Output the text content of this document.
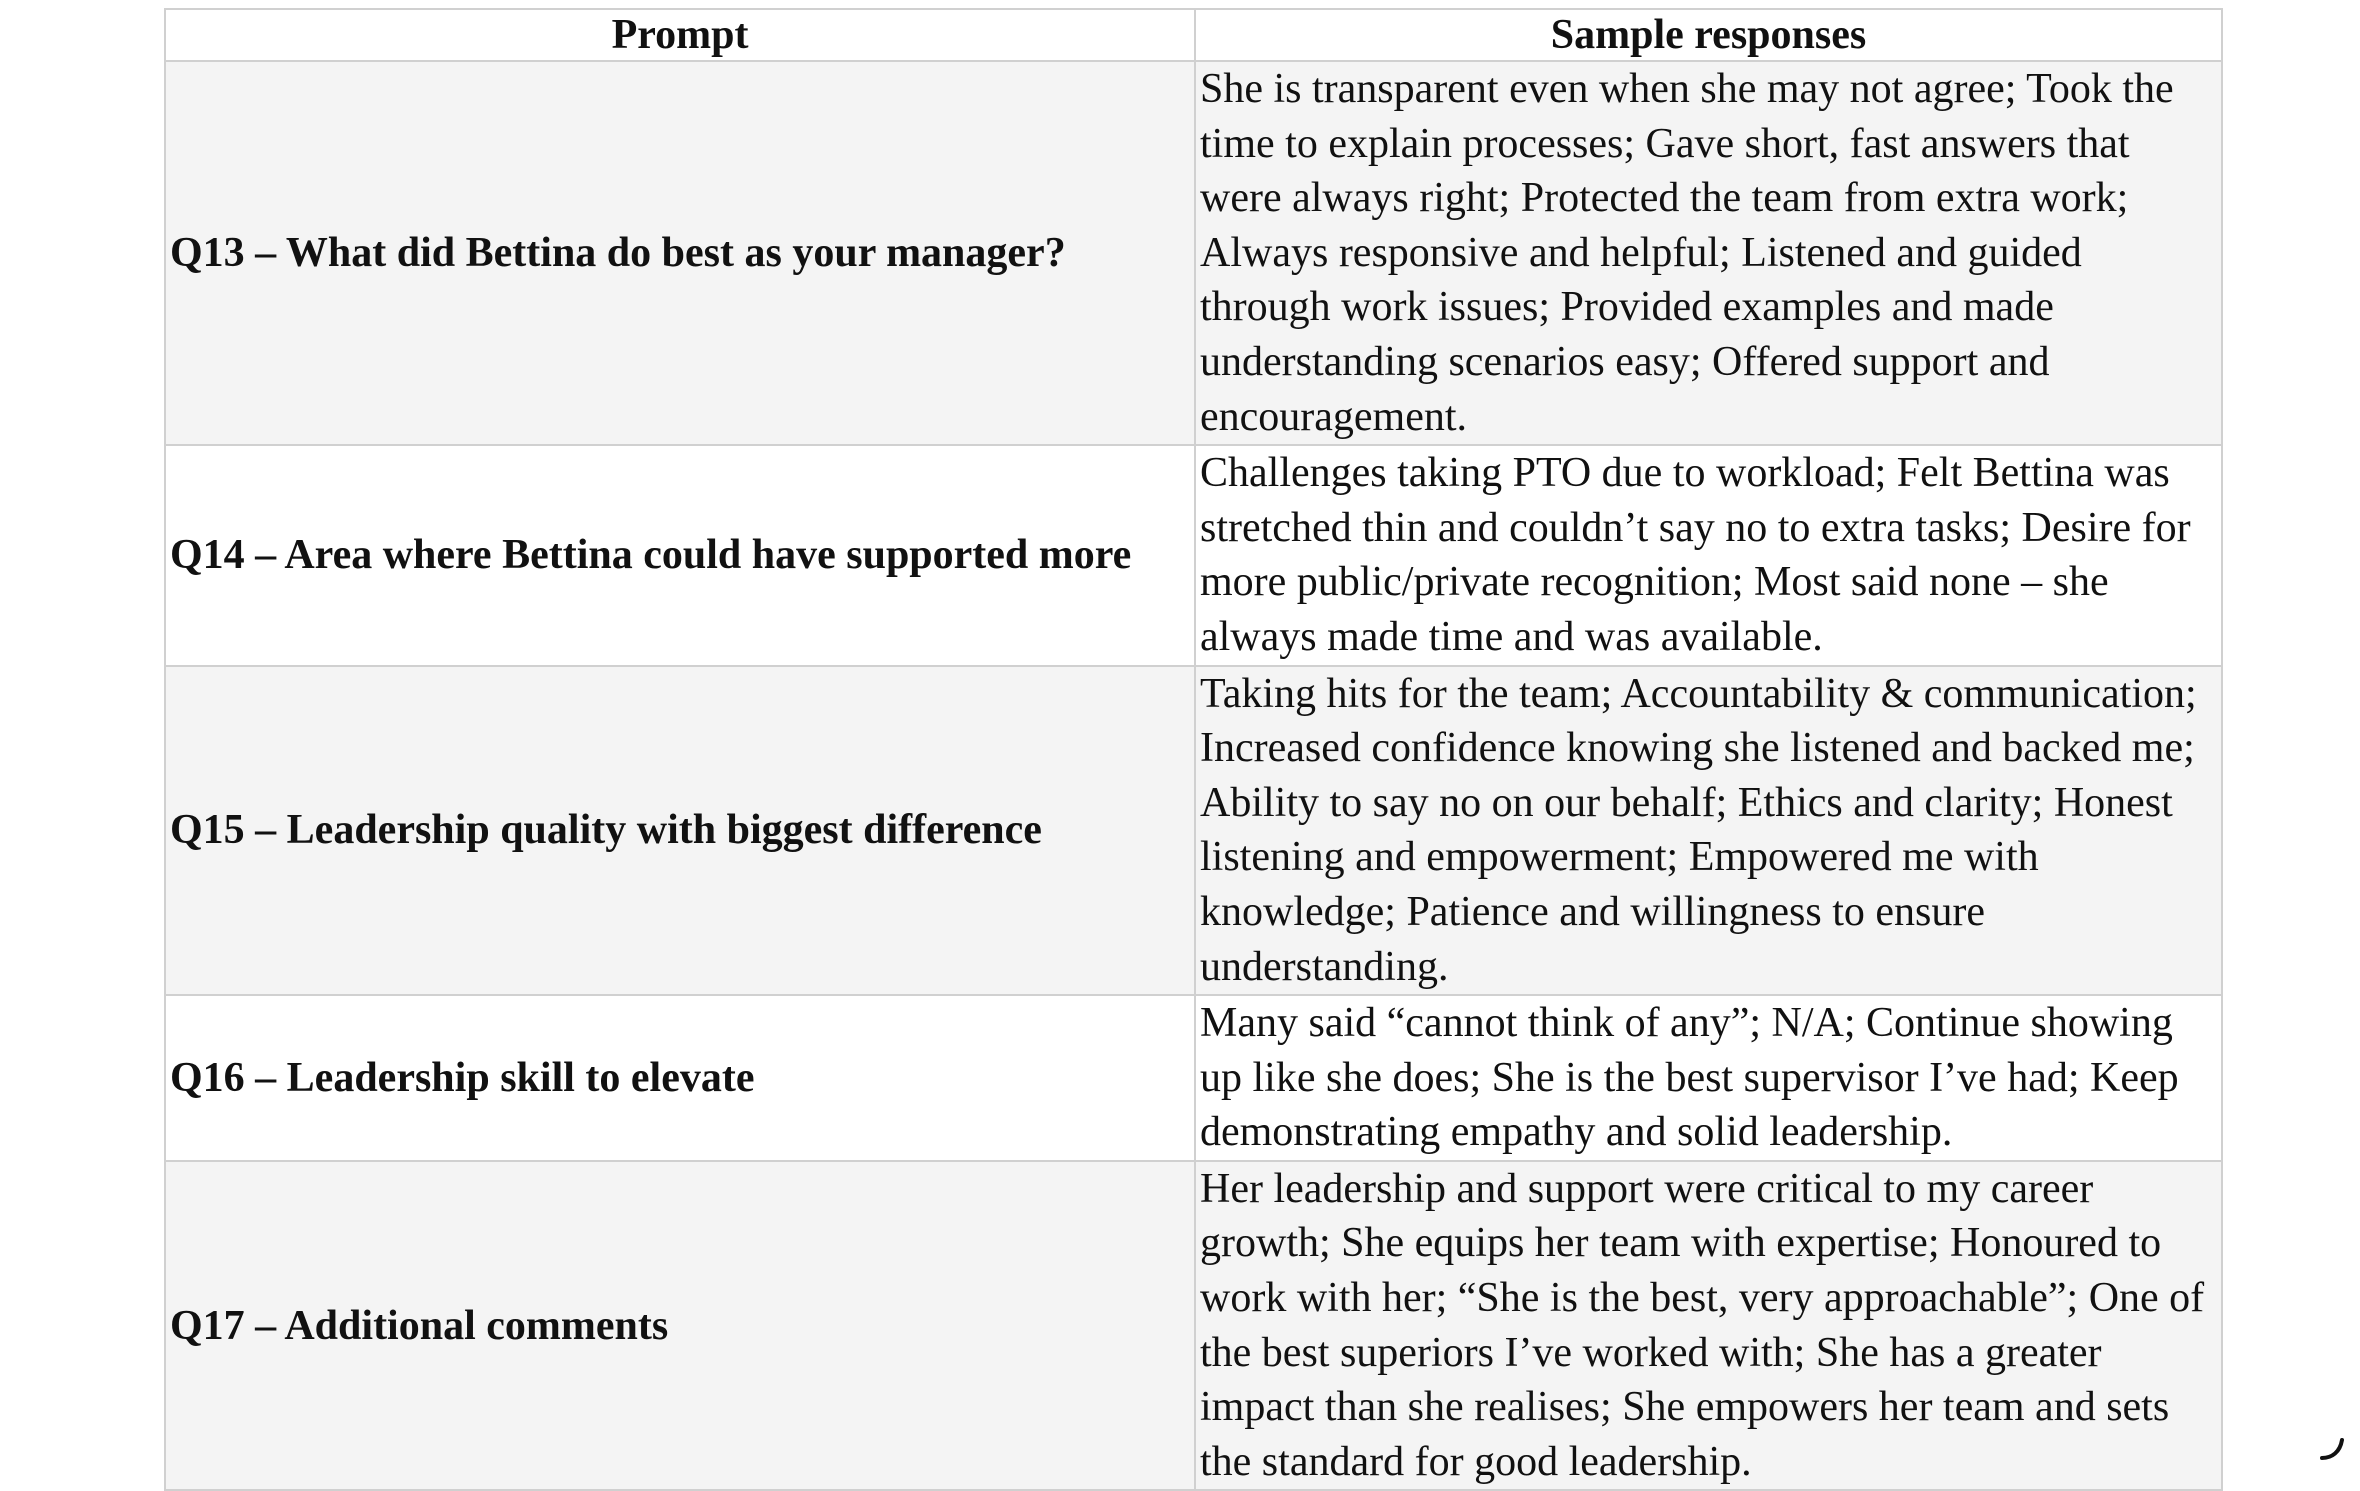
Prompt	Sample responses
Q13 – What did Bettina do best as your manager?	She is transparent even when she may not agree; Took the time to explain processes; Gave short, fast answers that were always right; Protected the team from extra work; Always responsive and helpful; Listened and guided through work issues; Provided examples and made understanding scenarios easy; Offered support and encouragement.
Q14 – Area where Bettina could have supported more	Challenges taking PTO due to workload; Felt Bettina was stretched thin and couldn’t say no to extra tasks; Desire for more public/private recognition; Most said none – she always made time and was available.
Q15 – Leadership quality with biggest difference	Taking hits for the team; Accountability & communication; Increased confidence knowing she listened and backed me; Ability to say no on our behalf; Ethics and clarity; Honest listening and empowerment; Empowered me with knowledge; Patience and willingness to ensure understanding.
Q16 – Leadership skill to elevate	Many said “cannot think of any”; N/A; Continue showing up like she does; She is the best supervisor I’ve had; Keep demonstrating empathy and solid leadership.
Q17 – Additional comments	Her leadership and support were critical to my career growth; She equips her team with expertise; Honoured to work with her; “She is the best, very approachable”; One of the best superiors I’ve worked with; She has a greater impact than she realises; She empowers her team and sets the standard for good leadership.
